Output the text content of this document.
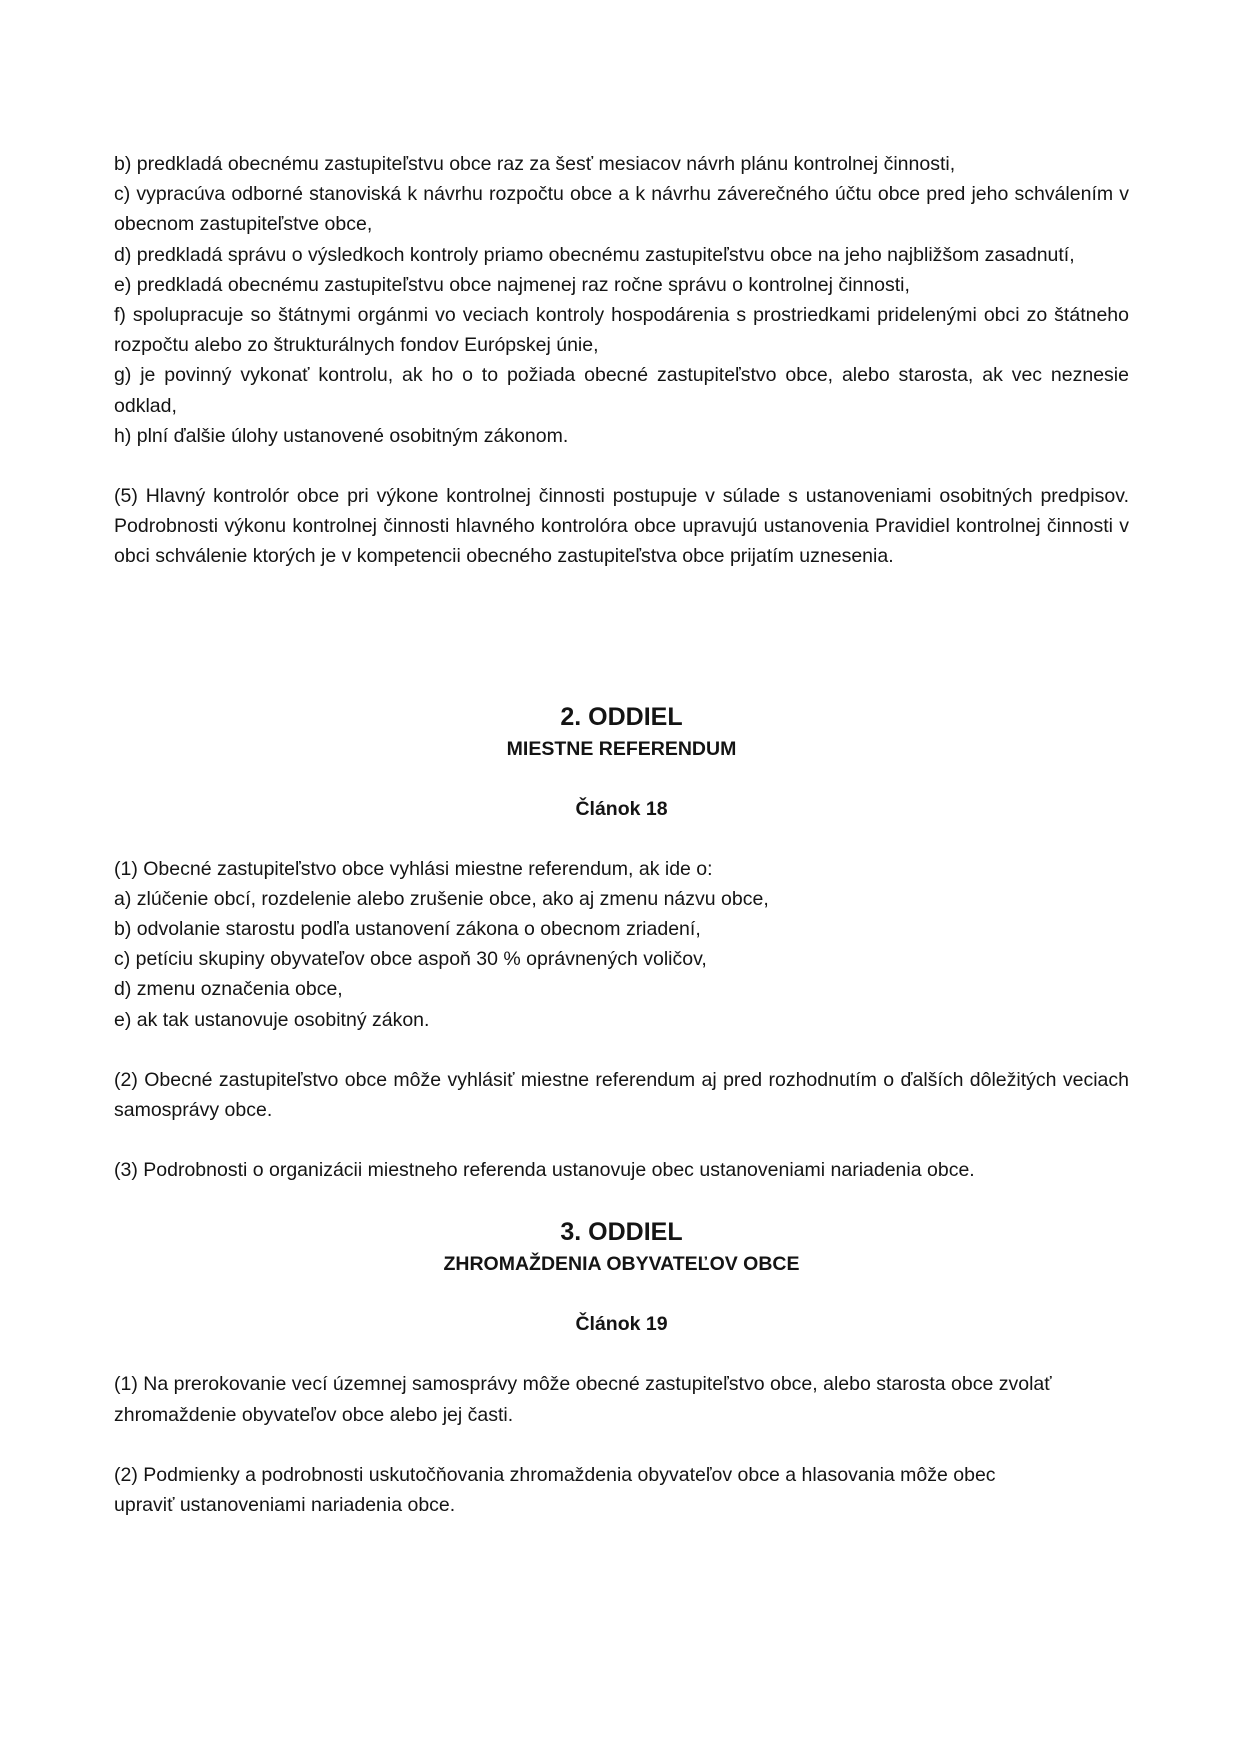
b) predkladá obecnému zastupiteľstvu obce raz za šesť mesiacov návrh plánu kontrolnej činnosti,

c) vypracúva odborné stanoviská k návrhu rozpočtu obce a k návrhu záverečného účtu obce pred jeho schválením v obecnom zastupiteľstve obce,

d) predkladá správu o výsledkoch kontroly priamo obecnému zastupiteľstvu obce na jeho najbližšom zasadnutí,

e) predkladá obecnému zastupiteľstvu obce najmenej raz ročne správu o kontrolnej činnosti,

f) spolupracuje so štátnymi orgánmi vo veciach kontroly hospodárenia s prostriedkami pridelenými obci zo štátneho rozpočtu alebo zo štrukturálnych fondov Európskej únie,

g) je povinný vykonať kontrolu, ak ho o to požiada obecné zastupiteľstvo obce, alebo starosta, ak vec neznesie odklad,

h) plní ďalšie úlohy ustanovené osobitným zákonom.

(5) Hlavný kontrolór obce pri výkone kontrolnej činnosti postupuje v súlade s ustanoveniami osobitných predpisov. Podrobnosti výkonu kontrolnej činnosti hlavného kontrolóra obce upravujú ustanovenia Pravidiel kontrolnej činnosti v obci schválenie ktorých je v kompetencii obecného zastupiteľstva obce prijatím uznesenia.

2. ODDIEL

MIESTNE REFERENDUM

Článok 18

(1) Obecné zastupiteľstvo obce vyhlási miestne referendum, ak ide o:

a) zlúčenie obcí, rozdelenie alebo zrušenie obce, ako aj zmenu názvu obce,

b) odvolanie starostu podľa ustanovení zákona o obecnom zriadení,

c) petíciu skupiny obyvateľov obce aspoň 30 % oprávnených voličov,

d) zmenu označenia obce,

e) ak tak ustanovuje osobitný zákon.

(2) Obecné zastupiteľstvo obce môže vyhlásiť miestne referendum aj pred rozhodnutím o ďalších dôležitých veciach samosprávy obce.

(3) Podrobnosti o organizácii miestneho referenda ustanovuje obec ustanoveniami nariadenia obce.

3. ODDIEL

ZHROMAŽDENIA OBYVATEĽOV OBCE

Článok 19

(1) Na prerokovanie vecí územnej samosprávy môže obecné zastupiteľstvo obce, alebo starosta obce zvolať

zhromaždenie obyvateľov obce alebo jej časti.

(2) Podmienky a podrobnosti uskutočňovania zhromaždenia obyvateľov obce a hlasovania môže obec

upraviť ustanoveniami nariadenia obce.
